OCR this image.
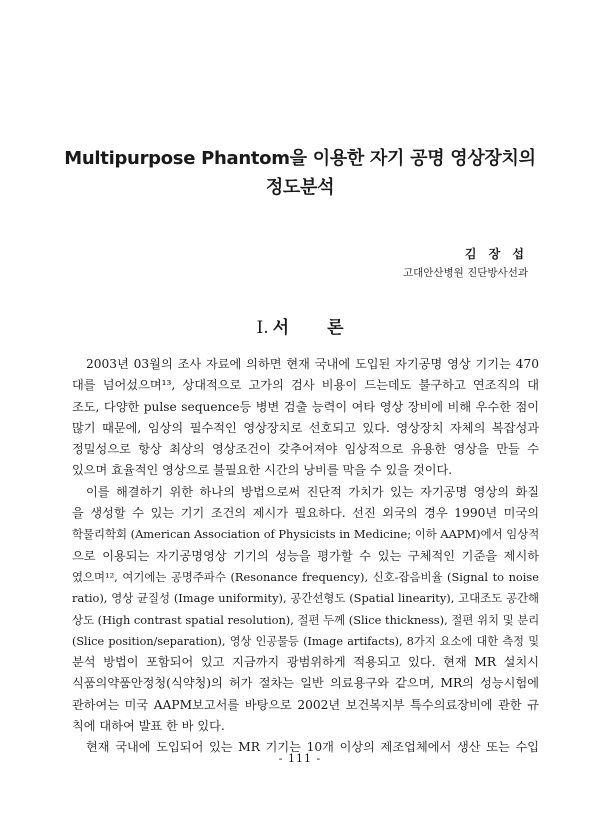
Multipurpose Phantom을 이용한 자기 공명 영상장치의
정도분석
김 장 섭
고대안산병원 진단방사선과
I. 서 론
2003년 03월의 조사 자료에 의하면 현재 국내에 도입된 자기공명 영상 기기는 470
대를 넘어섰으며¹³, 상대적으로 고가의 검사 비용이 드는데도 불구하고 연조직의 대
조도, 다양한 pulse sequence등 병변 검출 능력이 여타 영상 장비에 비해 우수한 점이
많기 때문에, 임상의 필수적인 영상장치로 선호되고 있다. 영상장치 자체의 복잡성과
정밀성으로 항상 최상의 영상조건이 갖추어져야 임상적으로 유용한 영상을 만들 수
있으며 효율적인 영상으로 불필요한 시간의 낭비를 막을 수 있을 것이다.
이를 해결하기 위한 하나의 방법으로써 진단적 가치가 있는 자기공명 영상의 화질
을 생성할 수 있는 기기 조건의 제시가 필요하다. 선진 외국의 경우 1990년 미국의
학물리학회 (American Association of Physicists in Medicine; 이하 AAPM)에서 임상적
으로 이용되는 자기공명영상 기기의 성능을 평가할 수 있는 구체적인 기준을 제시하
였으며¹², 여기에는 공명주파수 (Resonance frequency), 신호-잡음비율 (Signal to noise
ratio), 영상 균질성 (Image uniformity), 공간선형도 (Spatial linearity), 고대조도 공간해
상도 (High contrast spatial resolution), 절편 두께 (Slice thickness), 절편 위치 및 분리
(Slice position/separation), 영상 인공물등 (Image artifacts), 8가지 요소에 대한 측정 및
분석 방법이 포함되어 있고 지금까지 광범위하게 적용되고 있다. 현재 MR 설치시
식품의약품안정청(식약청)의 허가 절차는 일반 의료용구와 같으며, MR의 성능시험에
관하여는 미국 AAPM보고서를 바탕으로 2002년 보건복지부 특수의료장비에 관한 규
칙에 대하여 발표 한 바 있다.
현재 국내에 도입되어 있는 MR 기기는 10개 이상의 제조업체에서 생산 또는 수입
- 111 -
